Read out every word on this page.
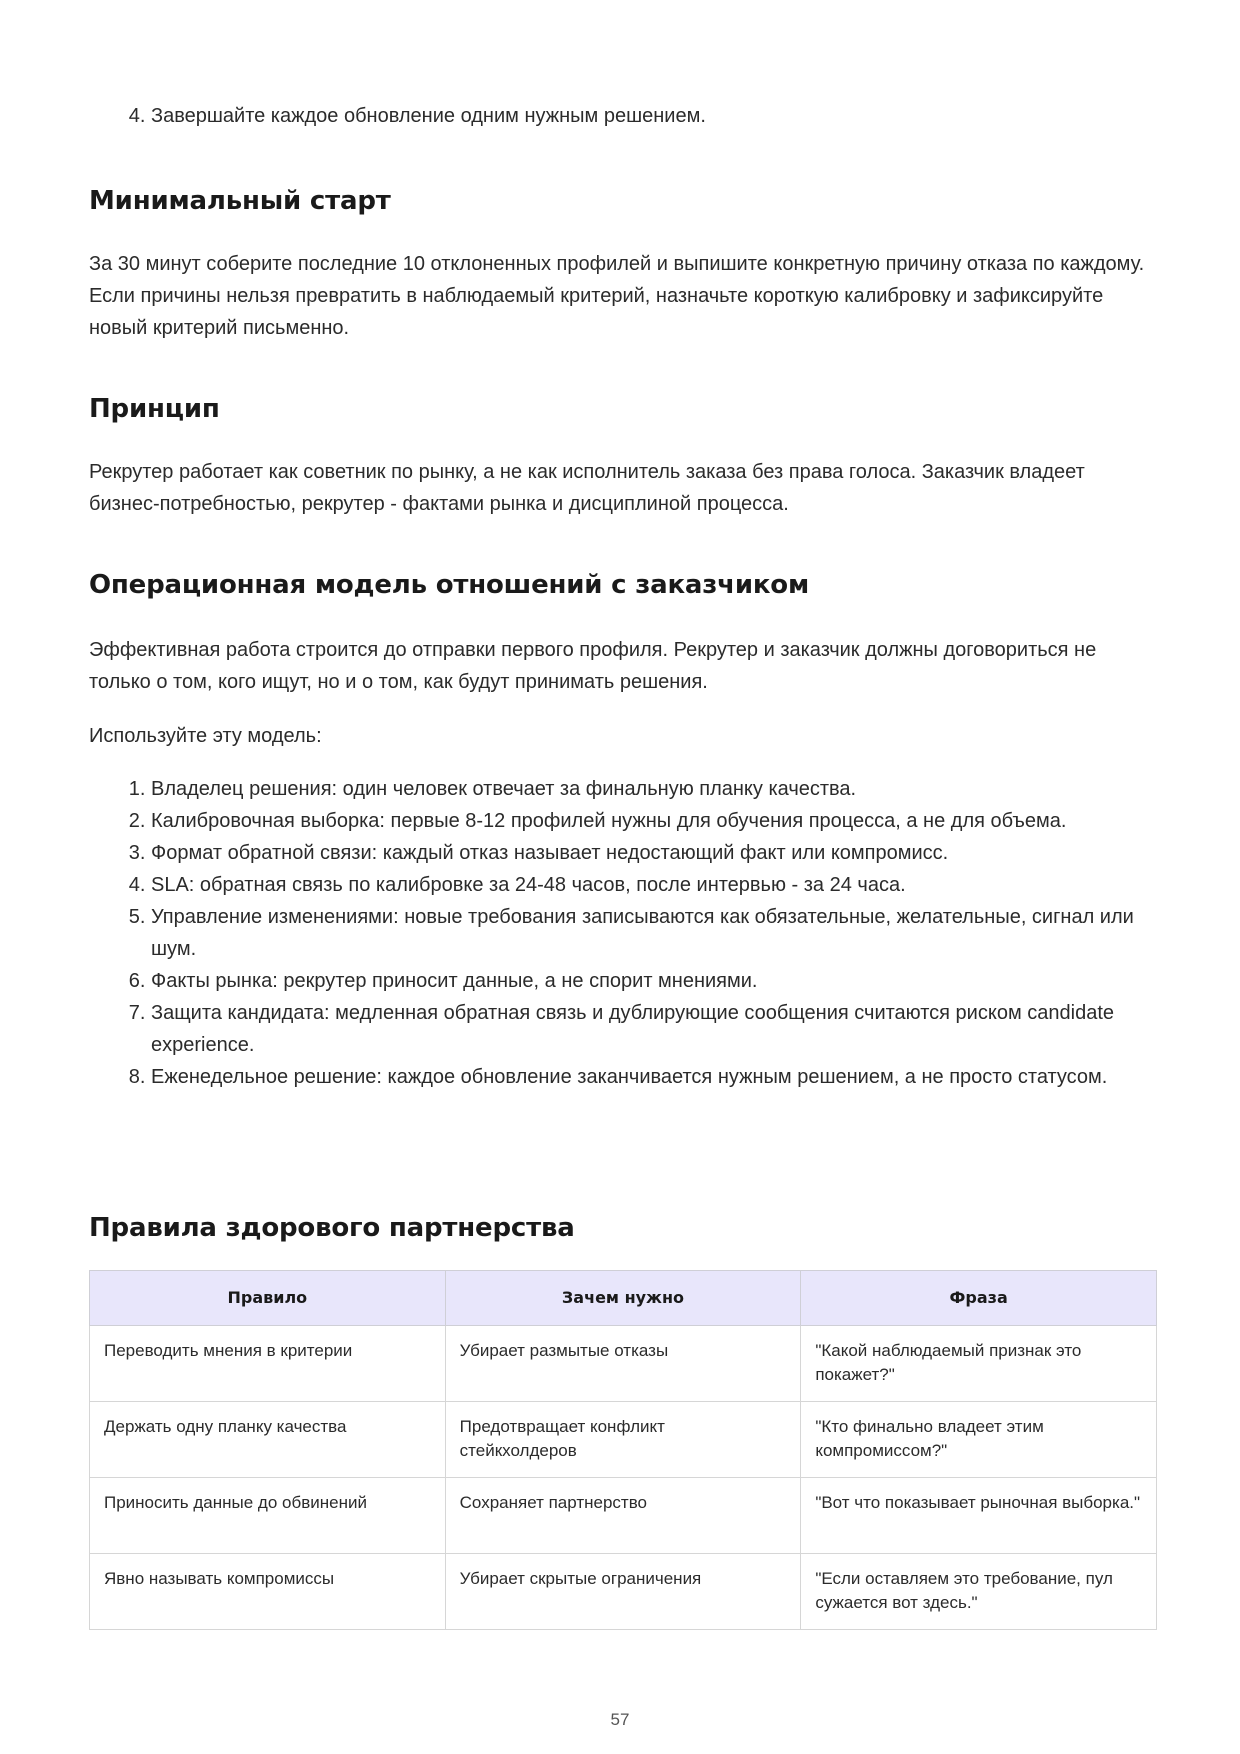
4. Завершайте каждое обновление одним нужным решением.
Минимальный старт

За 30 минут соберите последние 10 отклоненных профилей и выпишите конкретную причину отказа по каждому. Если причины нельзя превратить в наблюдаемый критерий, назначьте короткую калибровку и зафиксируйте новый критерий письменно.

Принцип

Рекрутер работает как советник по рынку, а не как исполнитель заказа без права голоса. Заказчик владеет бизнес-потребностью, рекрутер - фактами рынка и дисциплиной процесса.

Операционная модель отношений с заказчиком

Эффективная работа строится до отправки первого профиля. Рекрутер и заказчик должны договориться не только о том, кого ищут, но и о том, как будут принимать решения.

Используйте эту модель:

1. Владелец решения: один человек отвечает за финальную планку качества.
2. Калибровочная выборка: первые 8-12 профилей нужны для обучения процесса, а не для объема.
3. Формат обратной связи: каждый отказ называет недостающий факт или компромисс.
4. SLA: обратная связь по калибровке за 24-48 часов, после интервью - за 24 часа.
5. Управление изменениями: новые требования записываются как обязательные, желательные, сигнал или шум.
6. Факты рынка: рекрутер приносит данные, а не спорит мнениями.
7. Защита кандидата: медленная обратная связь и дублирующие сообщения считаются риском candidate experience.
8. Еженедельное решение: каждое обновление заканчивается нужным решением, а не просто статусом.
Правила здорового партнерства
Правило	Зачем нужно	Фраза
Переводить мнения в критерии	Убирает размытые отказы	"Какой наблюдаемый признак это покажет?"
Держать одну планку качества	Предотвращает конфликт стейкхолдеров	"Кто финально владеет этим компромиссом?"
Приносить данные до обвинений	Сохраняет партнерство	"Вот что показывает рыночная выборка."
Явно называть компромиссы	Убирает скрытые ограничения	"Если оставляем это требование, пул сужается вот здесь."
57
